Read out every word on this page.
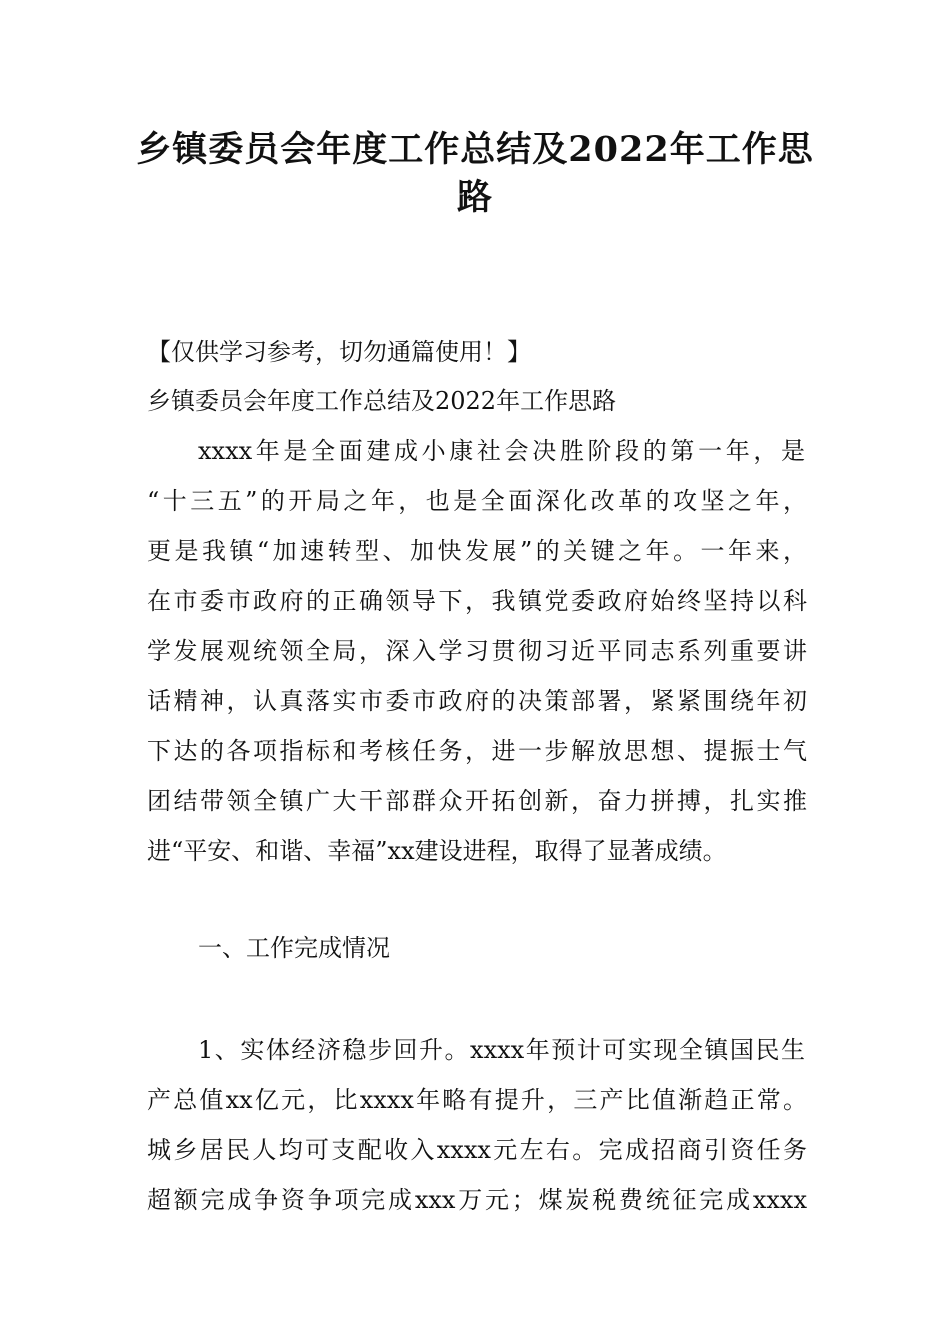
乡镇委员会年度工作总结及2022年工作思路
【仅供学习参考，切勿通篇使用！】
乡镇委员会年度工作总结及2022年工作思路
xxxx年是全面建成小康社会决胜阶段的第一年，是
“十三五”的开局之年，也是全面深化改革的攻坚之年，
更是我镇“加速转型、加快发展”的关键之年。一年来，
在市委市政府的正确领导下，我镇党委政府始终坚持以科
学发展观统领全局，深入学习贯彻习近平同志系列重要讲
话精神，认真落实市委市政府的决策部署，紧紧围绕年初
下达的各项指标和考核任务，进一步解放思想、提振士气
团结带领全镇广大干部群众开拓创新，奋力拼搏，扎实推
进“平安、和谐、幸福”xx建设进程，取得了显著成绩。
一、工作完成情况
1、实体经济稳步回升。xxxx年预计可实现全镇国民生
产总值xx亿元，比xxxx年略有提升，三产比值渐趋正常。
城乡居民人均可支配收入xxxx元左右。完成招商引资任务
超额完成争资争项完成xxx万元；煤炭税费统征完成xxxx
